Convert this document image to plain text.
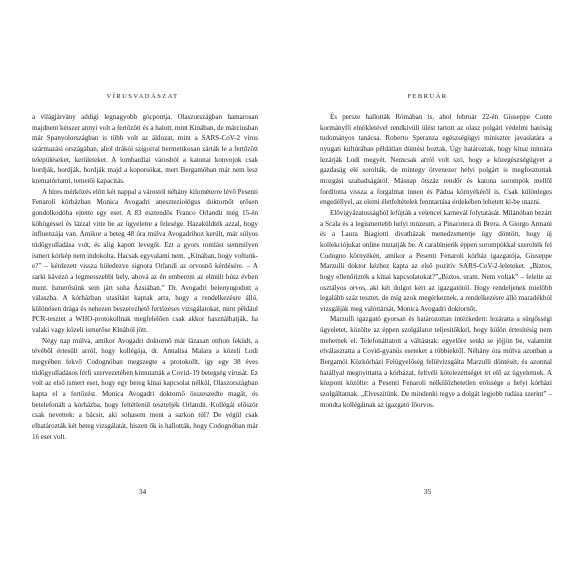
VÍRUSVADÁSZAT

a világjárvány addigi legnagyobb gócpontja. Olaszországban hamarosan majdnem kétszer annyi volt a fertőzött és a halott, mint Kínában, de márciusban már Spanyolországban is több volt az áldozat, mint a SARS-CoV-2 vírus származási országában, ahol drákói szigorral hermetikusan zárták le a fertőzött településeket, kerületeket. A lombardiai városból a katonai konvojok csak hordják, hordják, hordják majd a koporsókat, mert Bergamóban már nem lesz krematóriumi, temetői kapacitás.

A híres mérkőzés előtt két nappal a várostól néhány kilométerre lévő Pesenti Fenaroli kórházban Monica Avogadri aneszteziológus doktornőt erősen gondolkodóba ejtette egy eset. A 83 esztendős Franco Orlandit még 15-én köhögéssel és lázzal vitte be az ügyeletre a felesége. Hazaküldték azzal, hogy influenzája van. Amikor a beteg 48 óra múlva Avogadrihoz került, már súlyos tüdőgyulladása volt, és alig kapott levegőt. Ezt a gyors romlást semmilyen ismert kórkép nem indokolta. Hacsak egyvalami nem. „Kínában, hogy voltunk-e?” – kérdezett vissza hüledezve signora Orlandi az orvosnő kérdésére. – A sarki kávézó a legmesszebbi hely, ahová az én emberem az elmúlt húsz évben ment. Ismerősünk sem járt soha Ázsiában.” Dr. Avogadri belenyugodott a válaszba. A kórházban utasítást kaptak arra, hogy a rendelkezésre álló, különösen drága és nehezen beszerezhető fertőzéses vizsgálatokat, mint például PCR-tesztet a WHO-protokollnak megfelelően csak akkor használhatják, ha valaki vagy közeli ismerőse Kínából jött.

Négy nap múlva, amikor Avogadri doktornő már lázasan otthon feküdt, a tévéből értesült arról, hogy kollégája, dr. Annalisa Malara a közeli Lodi megyében fekvő Codognóban megszegte a protokollt, így egy 38 éves tüdőgyulladásos férfi szervezetében kimutatták a Covid–19 betegség vírusát. Ez volt az első ismert eset, hogy egy beteg kínai kapcsolat nélkül, Olaszországban kapta el a fertőzést. Monica Avogadri doktornő összeszedte magát, és betelefonált a kórházba, hogy feltétlenül teszteljék Orlandit. Kollégái először csak nevettek: a bácsit, aki sohasem ment a sarkon túl? De végül csak elhatározták két beteg vizsgálatát, hiszen ők is hallották, hogy Codognóban már 16 eset volt.

34
FEBRUÁR

És persze hallották Rómában is, ahol február 22-én Giuseppe Conte kormányfő elnökletével rendkívüli ülést tartott az olasz polgári védelmi hatóság tudományos tanácsa. Roberto Speranza egészségügyi miniszter javaslatára a nyugati kultúrában példátlan döntést hoztak. Úgy határoztak, hogy kínai mintára lezárják Lodi megyét. Nemcsak arról volt szó, hogy a közegészségügyet a gazdaság elé sorolták, de mintegy ötvenezer helyi polgárt is megfosztottak mozgási szabadságától. Másnap ötszáz rendőr és katona sorompók mellől fordította vissza a forgalmat innen és Pádua környékéről is. Csak különleges engedéllyel, az elemi életfeltételek fenntartása érdekében lehetett ki-be utazni.

Elővigyázatosságból lefújták a velencei karnevál folytatását. Milánóban bezárt a Scala és a legismertebb helyi múzeum, a Pinacoteca di Brera. A Giorgo Armani és a Laura Biagiotti divatházak menedzsmentje úgy döntött, hogy új kollekciójukat online mutatják be. A carabinierik éppen sorompókkal szerelték fel Codogno környékén, amikor a Pesenti Fenaroli kórház igazgatója, Giuseppe Marzulli doktor kézhez kapta az első pozitív SARS-CoV-2-leleteket. „Biztos, hogy ellenőrizték a kínai kapcsolatokat?”„Biztos, uram. Nem voltak” – felelte az osztályos orvos, aki két dolgot kért az igazgatótól. Hogy rendeljenek mielőbb legalább száz tesztet, de míg azok megérkeznek, a rendelkezésre álló maradékból vizsgálják meg valóttársát, Monica Avogadri doktornőt.

Marzulli igazgató gyorsan és határozottan intézkedett: lezáratta a sürgősségi ügyeletet, közölte az éppen szolgálatot teljesítőkkel, hogy külön értesítésig nem mehetnek el. Telefonáltatott a váltásnak: egyelőre senki se jöjjön be, valamint elválasztatta a Covid-gyanús eseteket a többiektől. Néhány óra múlva azonban a Bergamói Közkórházi Felügyelőség felülvizsgálta Marzulli döntését, és azonnal hatállyal megnyittatta a kórházat, feltvéli kötelezettséget írt elő az ügyeletnek. A központ közölte: a Pesenti Fenaroli nélkülözhetetlen erőssége a helyi kórházi szolgáltatnak. „Elveszítünk. De mindenki tegye a dolgát legjobb tudása szerint” – mondta kollégáinak az igazgató főorvos.

35
